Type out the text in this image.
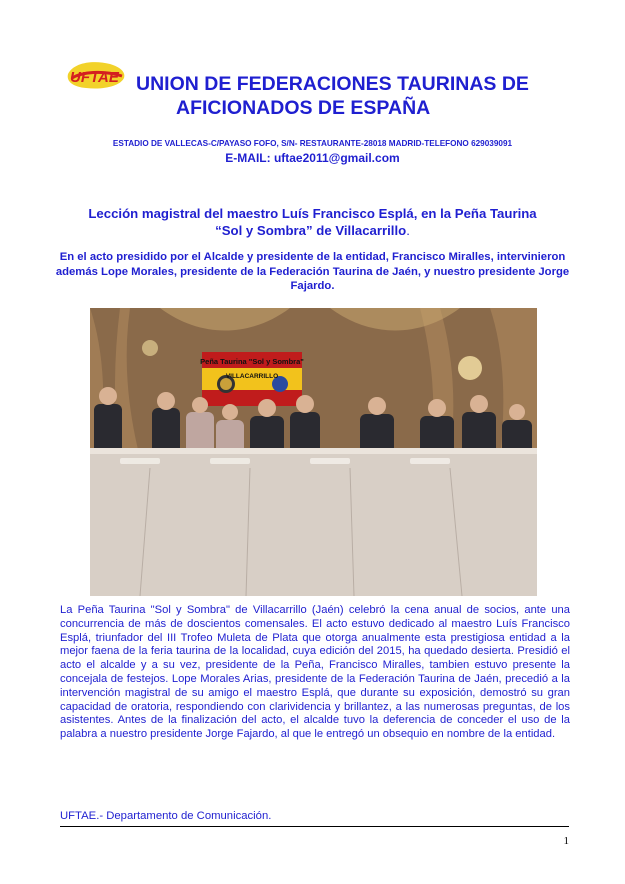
UFTAE UNION DE FEDERACIONES TAURINAS DE
AFICIONADOS DE ESPAÑA
ESTADIO DE VALLECAS-C/PAYASO FOFO, S/N- RESTAURANTE-28018 MADRID-TELEFONO 629039091
E-MAIL: uftae2011@gmail.com
Lección magistral del maestro Luís Francisco Esplá, en la Peña Taurina
“Sol y Sombra” de Villacarrillo.

En el acto presidido por el Alcalde y presidente de la entidad, Francisco Miralles, intervinieron además Lope Morales, presidente de la Federación Taurina de Jaén, y nuestro presidente Jorge Fajardo.

Peña Taurina "Sol y Sombra"
VILLACARRILLO

La Peña Taurina "Sol y Sombra" de Villacarrillo (Jaén) celebró la cena anual de socios, ante una concurrencia de más de doscientos comensales. El acto estuvo dedicado al maestro Luís Francisco Esplá, triunfador del III Trofeo Muleta de Plata que otorga anualmente esta prestigiosa entidad a la mejor faena de la feria taurina de la localidad, cuya edición del 2015, ha quedado desierta. Presidió el acto el alcalde y a su vez, presidente de la Peña, Francisco Miralles, tambien estuvo presente la concejala de festejos. Lope Morales Arias, presidente de la Federación Taurina de Jaén, precedió a la intervención magistral de su amigo el maestro Esplá, que durante su exposición, demostró su gran capacidad de oratoria, respondiendo con clarividencia y brillantez, a las numerosas preguntas, de los asistentes. Antes de la finalización del acto, el alcalde tuvo la deferencia de conceder el uso de la palabra a nuestro presidente Jorge Fajardo, al que le entregó un obsequio en nombre de la entidad.

UFTAE.- Departamento de Comunicación.
1
